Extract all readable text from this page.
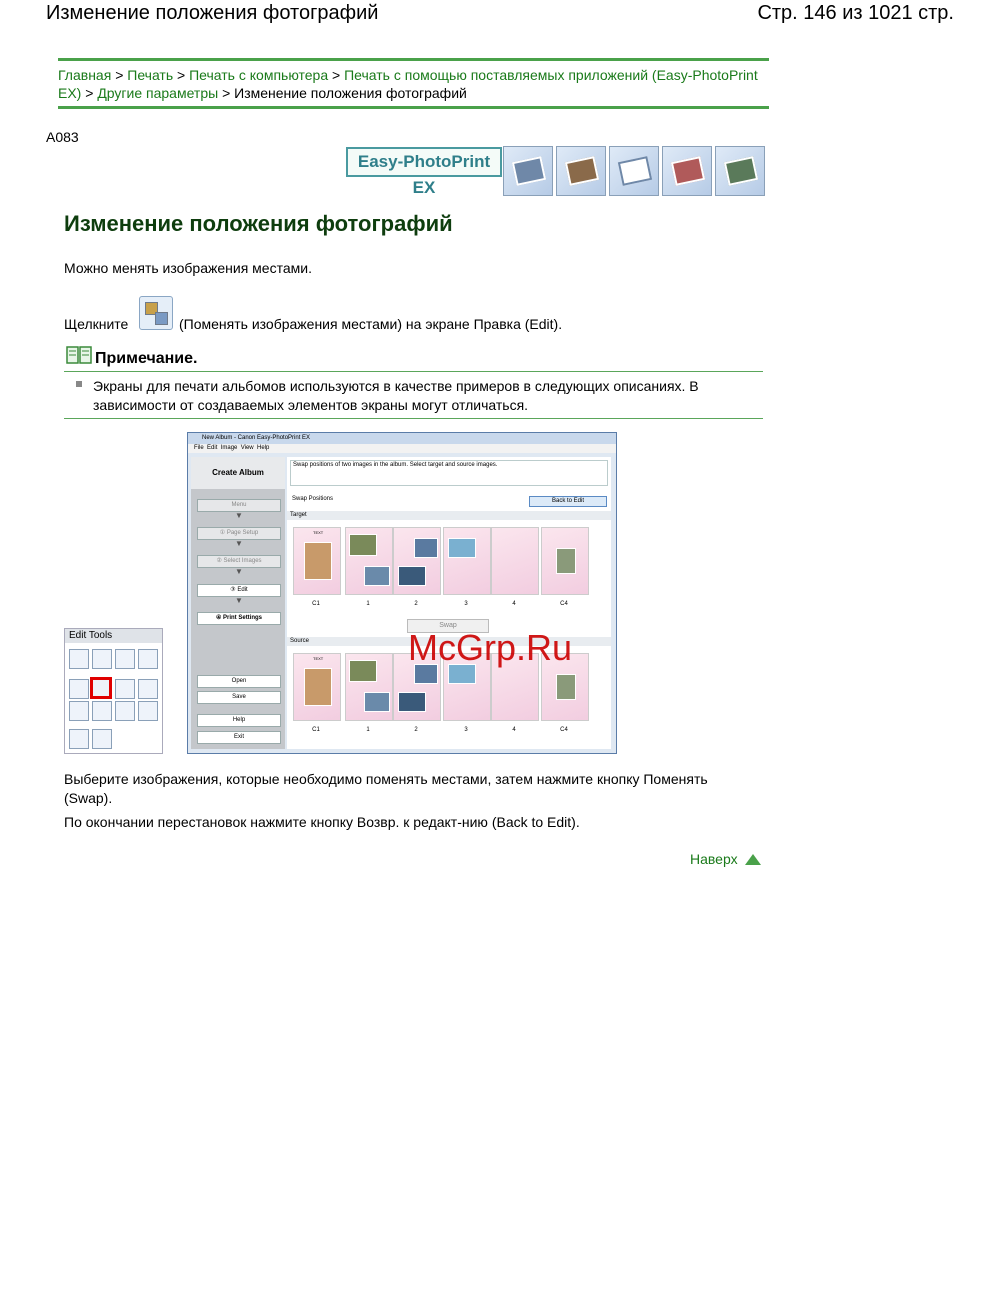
Изменение положения фотографий	Стр. 146 из 1021 стр.
Главная > Печать > Печать с компьютера > Печать с помощью поставляемых приложений (Easy-PhotoPrint EX) > Другие параметры > Изменение положения фотографий
A083
Easy-PhotoPrint EX
Изменение положения фотографий
Можно менять изображения местами.
Щелкните	(Поменять изображения местами) на экране Правка (Edit).
Примечание.
Экраны для печати альбомов используются в качестве примеров в следующих описаниях. В зависимости от создаваемых элементов экраны могут отличаться.
Edit Tools
New Album - Canon Easy-PhotoPrint EX
File Edit Image View Help
Create Album
Menu
▼
① Page Setup
▼
② Select Images
▼
③ Edit
▼
④ Print Settings
Open
Save
Help
Exit
Swap positions of two images in the album. Select target and source images.
Swap Positions	Back to Edit
Target
TEXT
C1	1	2	3	4	C4
Swap
Source
TEXT
C1	1	2	3	4	C4
McGrp.Ru
Выберите изображения, которые необходимо поменять местами, затем нажмите кнопку Поменять (Swap).
По окончании перестановок нажмите кнопку Возвр. к редакт-нию (Back to Edit).
Наверх
